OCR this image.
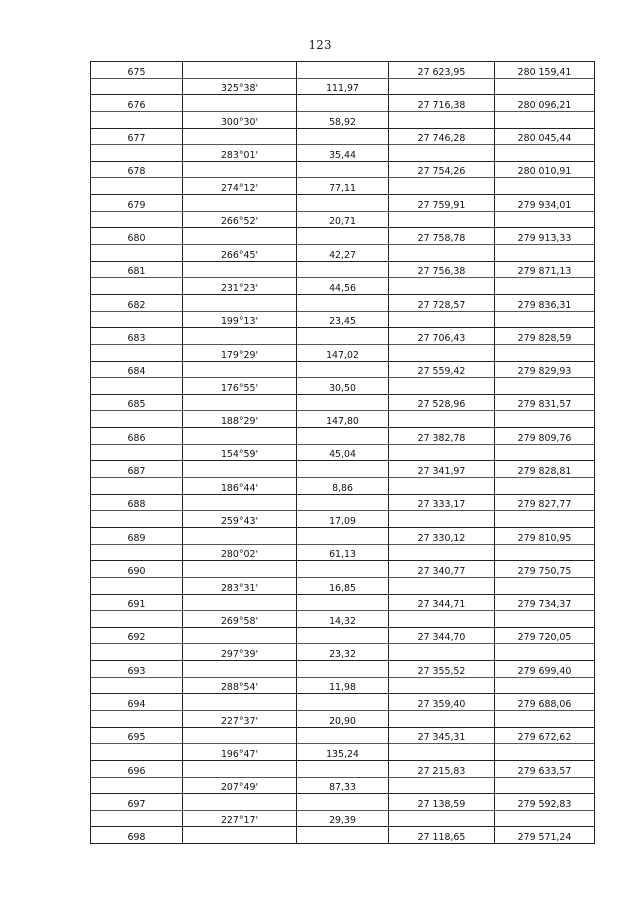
123
675			27 623,95	280 159,41
	325°38'	111,97		
676			27 716,38	280 096,21
	300°30'	58,92		
677			27 746,28	280 045,44
	283°01'	35,44		
678			27 754,26	280 010,91
	274°12'	77,11		
679			27 759,91	279 934,01
	266°52'	20,71		
680			27 758,78	279 913,33
	266°45'	42,27		
681			27 756,38	279 871,13
	231°23'	44,56		
682			27 728,57	279 836,31
	199°13'	23,45		
683			27 706,43	279 828,59
	179°29'	147,02		
684			27 559,42	279 829,93
	176°55'	30,50		
685			27 528,96	279 831,57
	188°29'	147,80		
686			27 382,78	279 809,76
	154°59'	45,04		
687			27 341,97	279 828,81
	186°44'	8,86		
688			27 333,17	279 827,77
	259°43'	17,09		
689			27 330,12	279 810,95
	280°02'	61,13		
690			27 340,77	279 750,75
	283°31'	16,85		
691			27 344,71	279 734,37
	269°58'	14,32		
692			27 344,70	279 720,05
	297°39'	23,32		
693			27 355,52	279 699,40
	288°54'	11,98		
694			27 359,40	279 688,06
	227°37'	20,90		
695			27 345,31	279 672,62
	196°47'	135,24		
696			27 215,83	279 633,57
	207°49'	87,33		
697			27 138,59	279 592,83
	227°17'	29,39		
698			27 118,65	279 571,24
